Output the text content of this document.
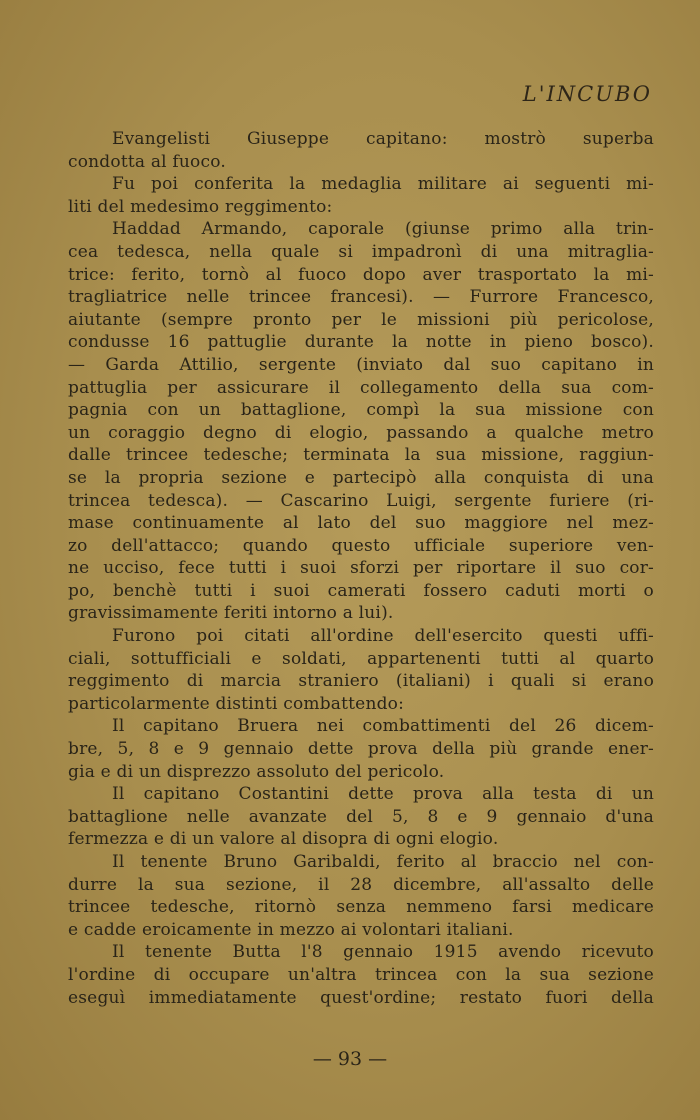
L'INCUBO
Evangelisti Giuseppe capitano: mostrò superba
condotta al fuoco.
Fu poi conferita la medaglia militare ai seguenti mi-
liti del medesimo reggimento:
Haddad Armando, caporale (giunse primo alla trin-
cea tedesca, nella quale si impadronì di una mitraglia-
trice: ferito, tornò al fuoco dopo aver trasportato la mi-
tragliatrice nelle trincee francesi). — Furrore Francesco,
aiutante (sempre pronto per le missioni più pericolose,
condusse 16 pattuglie durante la notte in pieno bosco).
— Garda Attilio, sergente (inviato dal suo capitano in
pattuglia per assicurare il collegamento della sua com-
pagnia con un battaglione, compì la sua missione con
un coraggio degno di elogio, passando a qualche metro
dalle trincee tedesche; terminata la sua missione, raggiun-
se la propria sezione e partecipò alla conquista di una
trincea tedesca). — Cascarino Luigi, sergente furiere (ri-
mase continuamente al lato del suo maggiore nel mez-
zo dell'attacco; quando questo ufficiale superiore ven-
ne ucciso, fece tutti i suoi sforzi per riportare il suo cor-
po, benchè tutti i suoi camerati fossero caduti morti o
gravissimamente feriti intorno a lui).
Furono poi citati all'ordine dell'esercito questi uffi-
ciali, sottufficiali e soldati, appartenenti tutti al quarto
reggimento di marcia straniero (italiani) i quali si erano
particolarmente distinti combattendo:
Il capitano Bruera nei combattimenti del 26 dicem-
bre, 5, 8 e 9 gennaio dette prova della più grande ener-
gia e di un disprezzo assoluto del pericolo.
Il capitano Costantini dette prova alla testa di un
battaglione nelle avanzate del 5, 8 e 9 gennaio d'una
fermezza e di un valore al disopra di ogni elogio.
Il tenente Bruno Garibaldi, ferito al braccio nel con-
durre la sua sezione, il 28 dicembre, all'assalto delle
trincee tedesche, ritornò senza nemmeno farsi medicare
e cadde eroicamente in mezzo ai volontari italiani.
Il tenente Butta l'8 gennaio 1915 avendo ricevuto
l'ordine di occupare un'altra trincea con la sua sezione
eseguì immediatamente quest'ordine; restato fuori della
— 93 —
